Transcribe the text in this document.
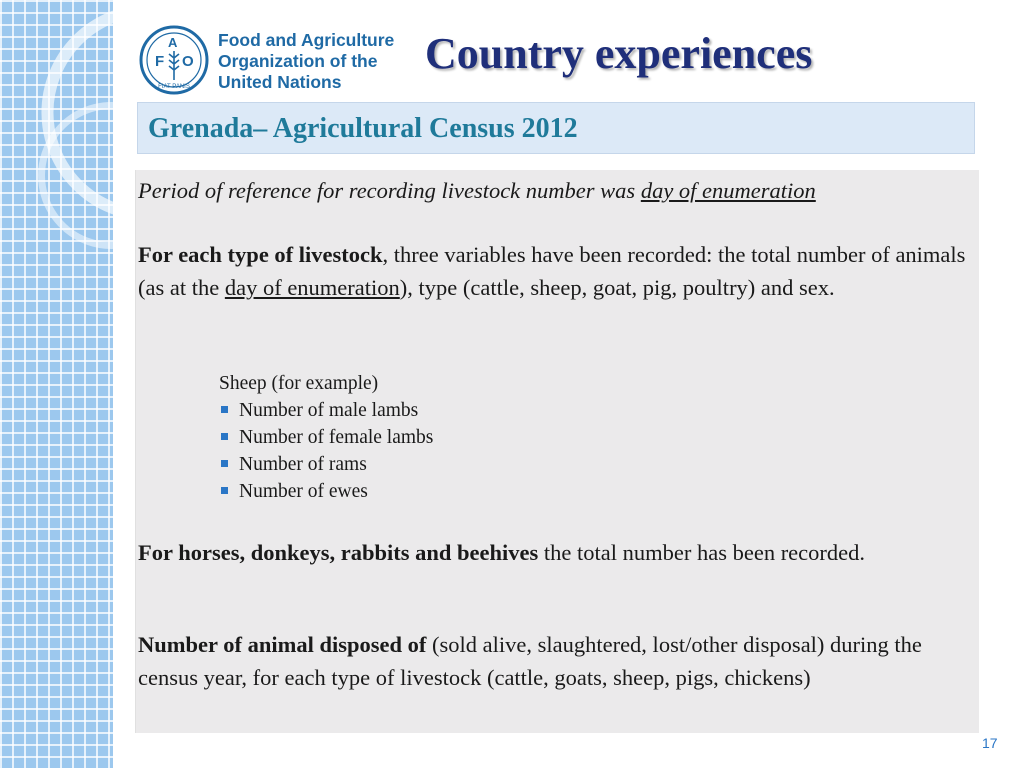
F
A
O
FIAT PANIS
Food and Agriculture
Organization of the
United Nations
Country experiences
Grenada– Agricultural Census 2012
Period of reference for recording livestock number was day of enumeration
For each type of livestock, three variables have been recorded: the total number of animals (as at the day of enumeration), type (cattle, sheep, goat, pig, poultry) and sex.
Sheep (for example)
Number of male lambs
Number of female lambs
Number of rams
Number of ewes
For horses, donkeys, rabbits and beehives the total number has been recorded.
Number of animal disposed of (sold alive, slaughtered, lost/other disposal) during the census year, for each type of livestock (cattle, goats, sheep, pigs, chickens)
17
